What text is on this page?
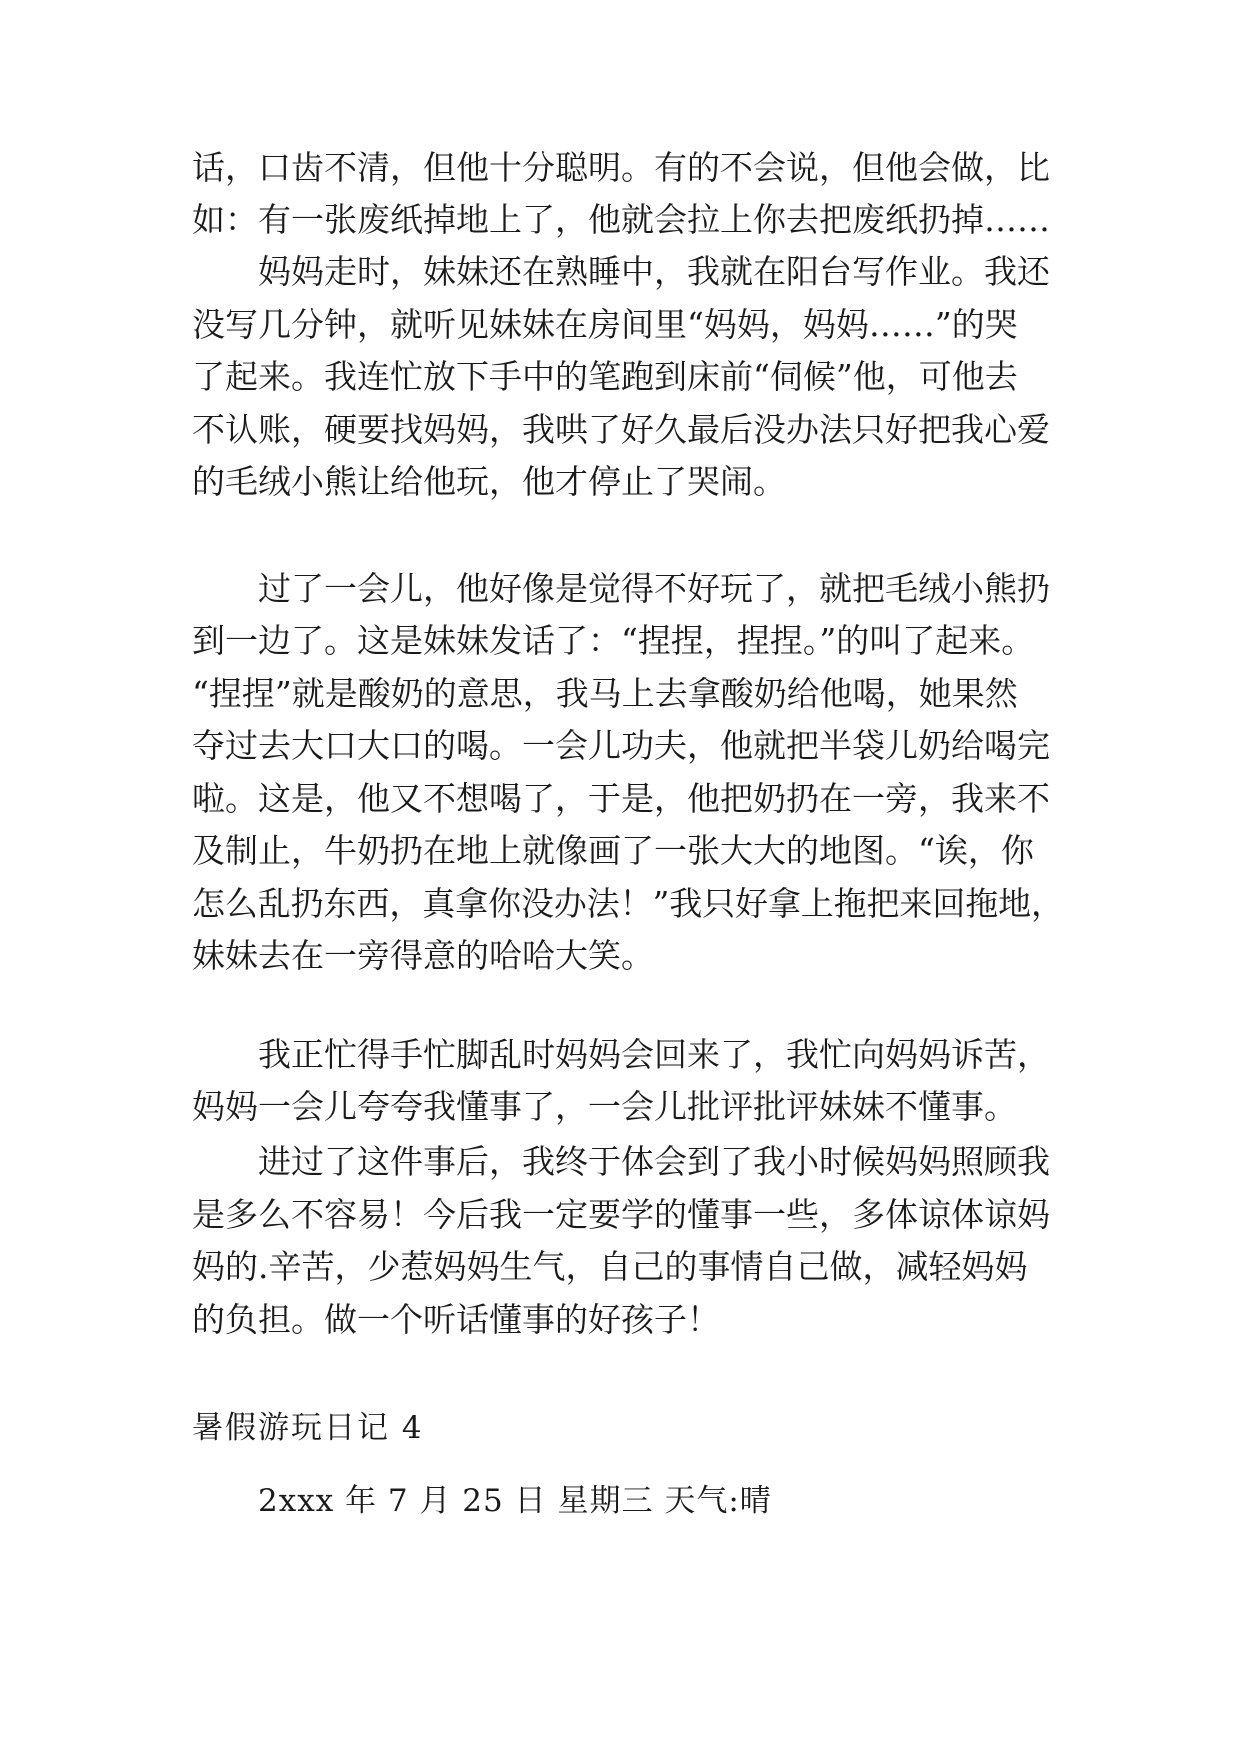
话，口齿不清，但他十分聪明。有的不会说，但他会做，比
如：有一张废纸掉地上了，他就会拉上你去把废纸扔掉……
妈妈走时，妹妹还在熟睡中，我就在阳台写作业。我还
没写几分钟，就听见妹妹在房间里“妈妈，妈妈……”的哭
了起来。我连忙放下手中的笔跑到床前“伺候”他，可他去
不认账，硬要找妈妈，我哄了好久最后没办法只好把我心爱
的毛绒小熊让给他玩，他才停止了哭闹。
过了一会儿，他好像是觉得不好玩了，就把毛绒小熊扔
到一边了。这是妹妹发话了：“捏捏，捏捏。”的叫了起来。
“捏捏”就是酸奶的意思，我马上去拿酸奶给他喝，她果然
夺过去大口大口的喝。一会儿功夫，他就把半袋儿奶给喝完
啦。这是，他又不想喝了，于是，他把奶扔在一旁，我来不
及制止，牛奶扔在地上就像画了一张大大的地图。“诶，你
怎么乱扔东西，真拿你没办法！”我只好拿上拖把来回拖地，
妹妹去在一旁得意的哈哈大笑。
我正忙得手忙脚乱时妈妈会回来了，我忙向妈妈诉苦，
妈妈一会儿夸夸我懂事了，一会儿批评批评妹妹不懂事。
进过了这件事后，我终于体会到了我小时候妈妈照顾我
是多么不容易！今后我一定要学的懂事一些，多体谅体谅妈
妈的.辛苦，少惹妈妈生气，自己的事情自己做，减轻妈妈
的负担。做一个听话懂事的好孩子！
暑假游玩日记 4
2xxx 年 7 月 25 日 星期三 天气:晴
